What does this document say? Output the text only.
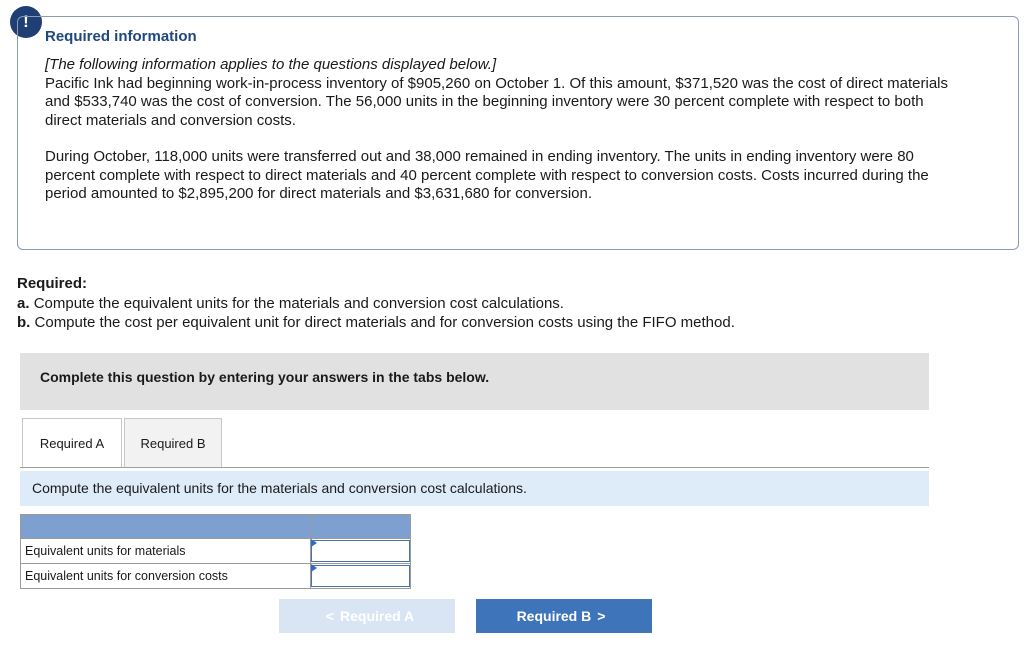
!
Required information

[The following information applies to the questions displayed below.]

Pacific Ink had beginning work-in-process inventory of $905,260 on October 1. Of this amount, $371,520 was the cost of direct materials and $533,740 was the cost of conversion. The 56,000 units in the beginning inventory were 30 percent complete with respect to both direct materials and conversion costs.

During October, 118,000 units were transferred out and 38,000 remained in ending inventory. The units in ending inventory were 80 percent complete with respect to direct materials and 40 percent complete with respect to conversion costs. Costs incurred during the period amounted to $2,895,200 for direct materials and $3,631,680 for conversion.

Required:
a. Compute the equivalent units for the materials and conversion cost calculations.
b. Compute the cost per equivalent unit for direct materials and for conversion costs using the FIFO method.
Complete this question by entering your answers in the tabs below.
Required A	Required B
Compute the equivalent units for the materials and conversion cost calculations.

Equivalent units for materials	

Equivalent units for conversion costs	
< Required A	Required B >
